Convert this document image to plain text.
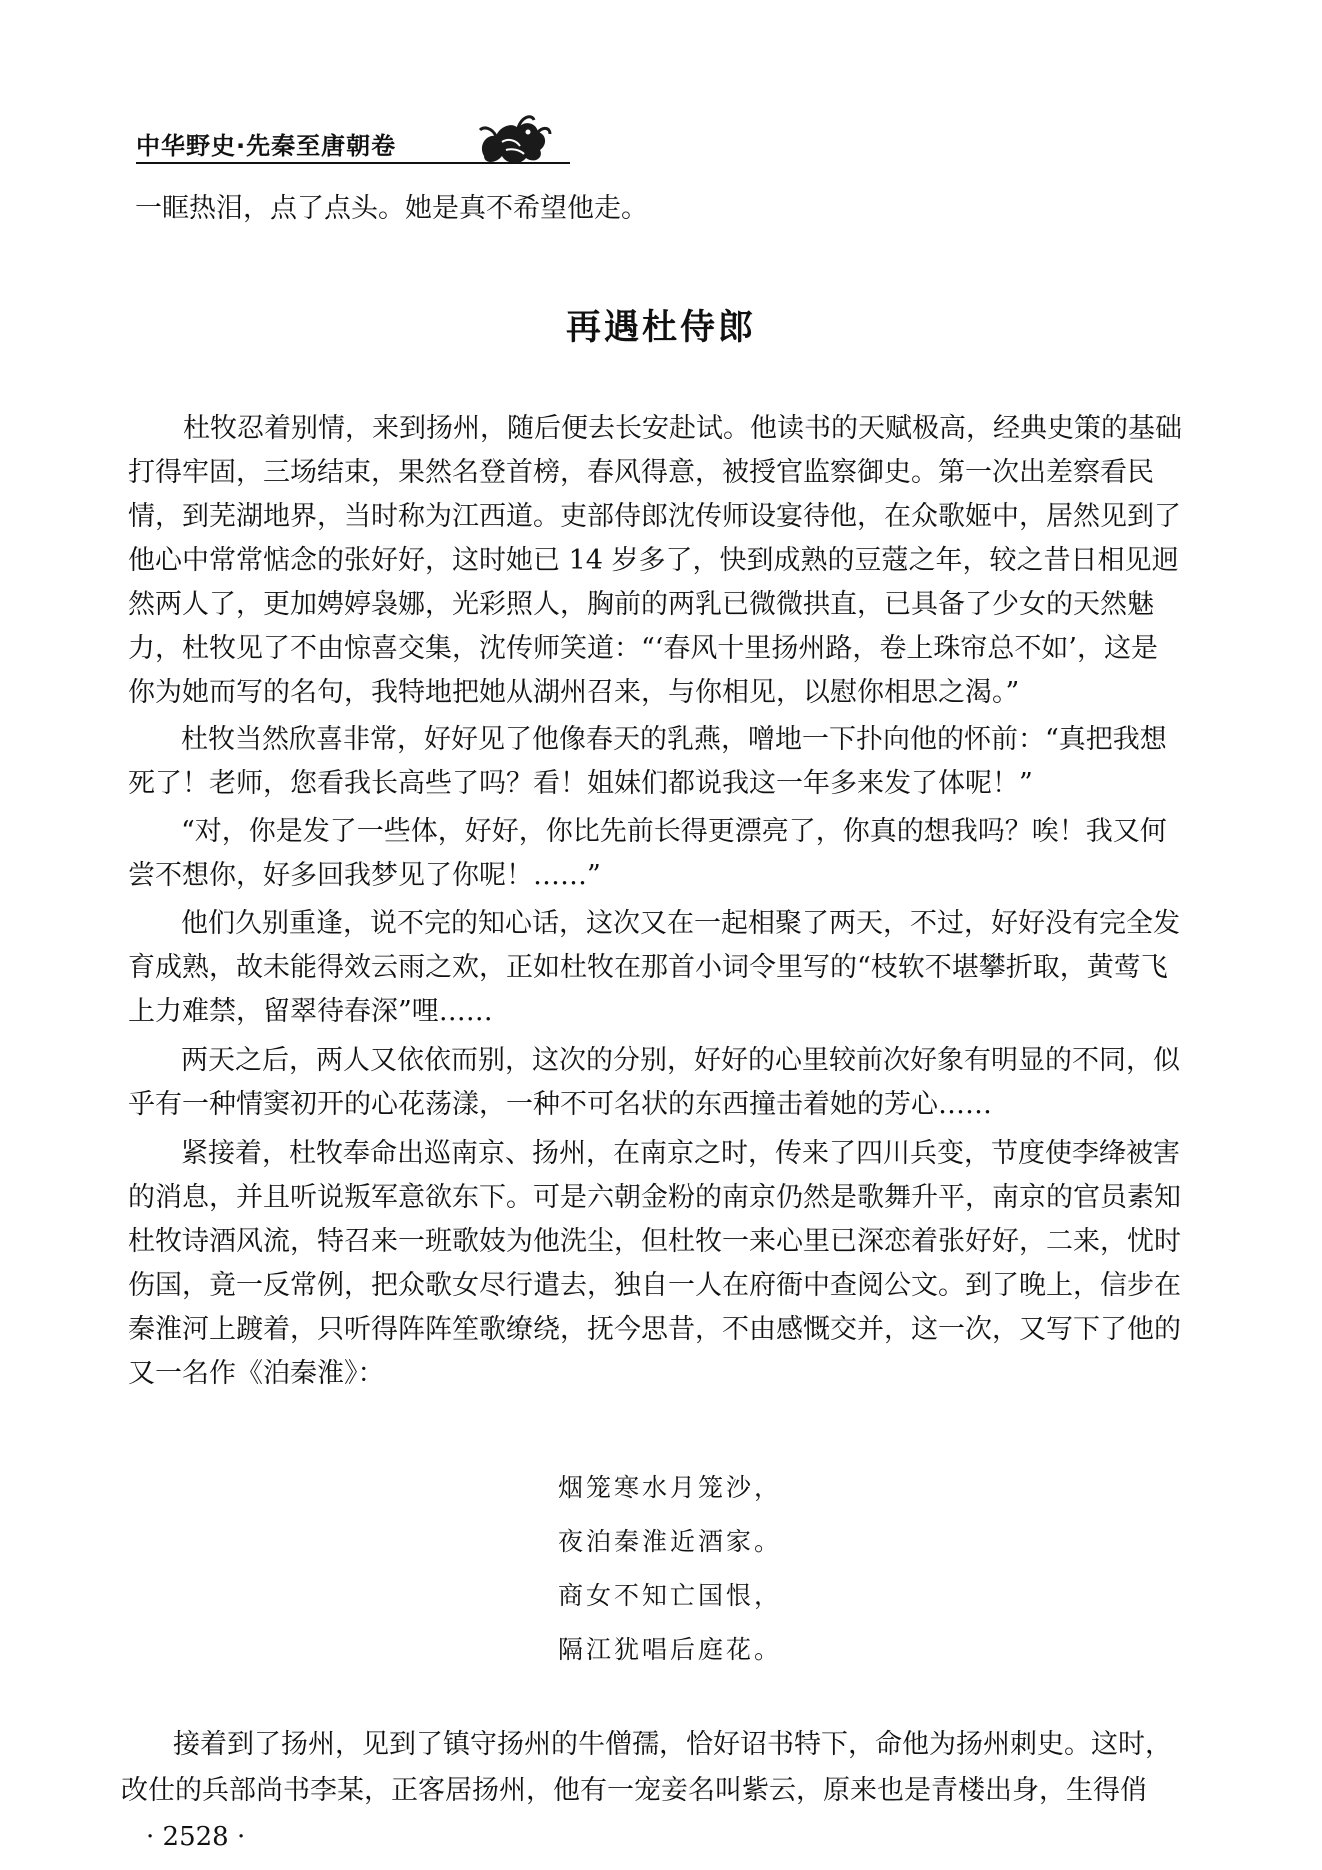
中华野史·先秦至唐朝卷
一眶热泪，点了点头。她是真不希望他走。
再遇杜侍郎
杜牧忍着别情，来到扬州，随后便去长安赴试。他读书的天赋极高，经典史策的基础
打得牢固，三场结束，果然名登首榜，春风得意，被授官监察御史。第一次出差察看民
情，到芜湖地界，当时称为江西道。吏部侍郎沈传师设宴待他，在众歌姬中，居然见到了
他心中常常惦念的张好好，这时她已 14 岁多了，快到成熟的豆蔻之年，较之昔日相见迥
然两人了，更加娉婷袅娜，光彩照人，胸前的两乳已微微拱直，已具备了少女的天然魅
力，杜牧见了不由惊喜交集，沈传师笑道：“‘春风十里扬州路，卷上珠帘总不如’，这是
你为她而写的名句，我特地把她从湖州召来，与你相见，以慰你相思之渴。”
杜牧当然欣喜非常，好好见了他像春天的乳燕，噌地一下扑向他的怀前：“真把我想
死了！老师，您看我长高些了吗？看！姐妹们都说我这一年多来发了体呢！”
“对，你是发了一些体，好好，你比先前长得更漂亮了，你真的想我吗？唉！我又何
尝不想你，好多回我梦见了你呢！……”
他们久别重逢，说不完的知心话，这次又在一起相聚了两天，不过，好好没有完全发
育成熟，故未能得效云雨之欢，正如杜牧在那首小词令里写的“枝软不堪攀折取，黄莺飞
上力难禁，留翠待春深”哩……
两天之后，两人又依依而别，这次的分别，好好的心里较前次好象有明显的不同，似
乎有一种情窦初开的心花荡漾，一种不可名状的东西撞击着她的芳心……
紧接着，杜牧奉命出巡南京、扬州，在南京之时，传来了四川兵变，节度使李绛被害
的消息，并且听说叛军意欲东下。可是六朝金粉的南京仍然是歌舞升平，南京的官员素知
杜牧诗酒风流，特召来一班歌妓为他洗尘，但杜牧一来心里已深恋着张好好，二来，忧时
伤国，竟一反常例，把众歌女尽行遣去，独自一人在府衙中查阅公文。到了晚上，信步在
秦淮河上踱着，只听得阵阵笙歌缭绕，抚今思昔，不由感慨交并，这一次，又写下了他的
又一名作《泊秦淮》：
烟笼寒水月笼沙，
夜泊秦淮近酒家。
商女不知亡国恨，
隔江犹唱后庭花。
接着到了扬州，见到了镇守扬州的牛僧孺，恰好诏书特下，命他为扬州刺史。这时，
改仕的兵部尚书李某，正客居扬州，他有一宠妾名叫紫云，原来也是青楼出身，生得俏
· 2528 ·
